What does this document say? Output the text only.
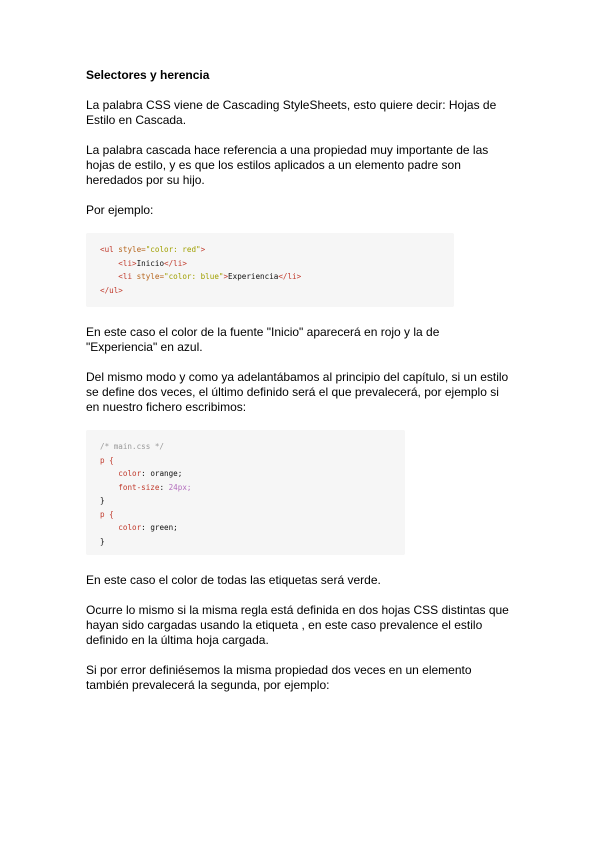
Selectores y herencia
La palabra CSS viene de Cascading StyleSheets, esto quiere decir: Hojas de
Estilo en Cascada.
La palabra cascada hace referencia a una propiedad muy importante de las
hojas de estilo, y es que los estilos aplicados a un elemento padre son
heredados por su hijo.
Por ejemplo:
<ul style="color: red">
<li>Inicio</li>
<li style="color: blue">Experiencia</li>
</ul>
En este caso el color de la fuente "Inicio" aparecerá en rojo y la de
"Experiencia" en azul.
Del mismo modo y como ya adelantábamos al principio del capítulo, si un estilo
se define dos veces, el último definido será el que prevalecerá, por ejemplo si
en nuestro fichero escribimos:
/* main.css */
p {
color: orange;
font-size: 24px;
}
p {
color: green;
}
En este caso el color de todas las etiquetas será verde.
Ocurre lo mismo si la misma regla está definida en dos hojas CSS distintas que
hayan sido cargadas usando la etiqueta , en este caso prevalence el estilo
definido en la última hoja cargada.
Si por error definiésemos la misma propiedad dos veces en un elemento
también prevalecerá la segunda, por ejemplo:
